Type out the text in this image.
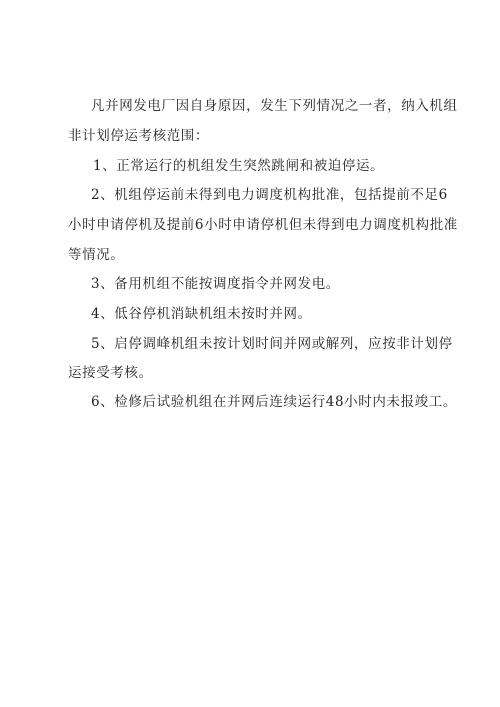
凡并网发电厂因自身原因，发生下列情况之一者，纳入机组
非计划停运考核范围：
1、正常运行的机组发生突然跳闸和被迫停运。
2、机组停运前未得到电力调度机构批准，包括提前不足6
小时申请停机及提前6小时申请停机但未得到电力调度机构批准
等情况。
3、备用机组不能按调度指令并网发电。
4、低谷停机消缺机组未按时并网。
5、启停调峰机组未按计划时间并网或解列，应按非计划停
运接受考核。
6、检修后试验机组在并网后连续运行48小时内未报竣工。
